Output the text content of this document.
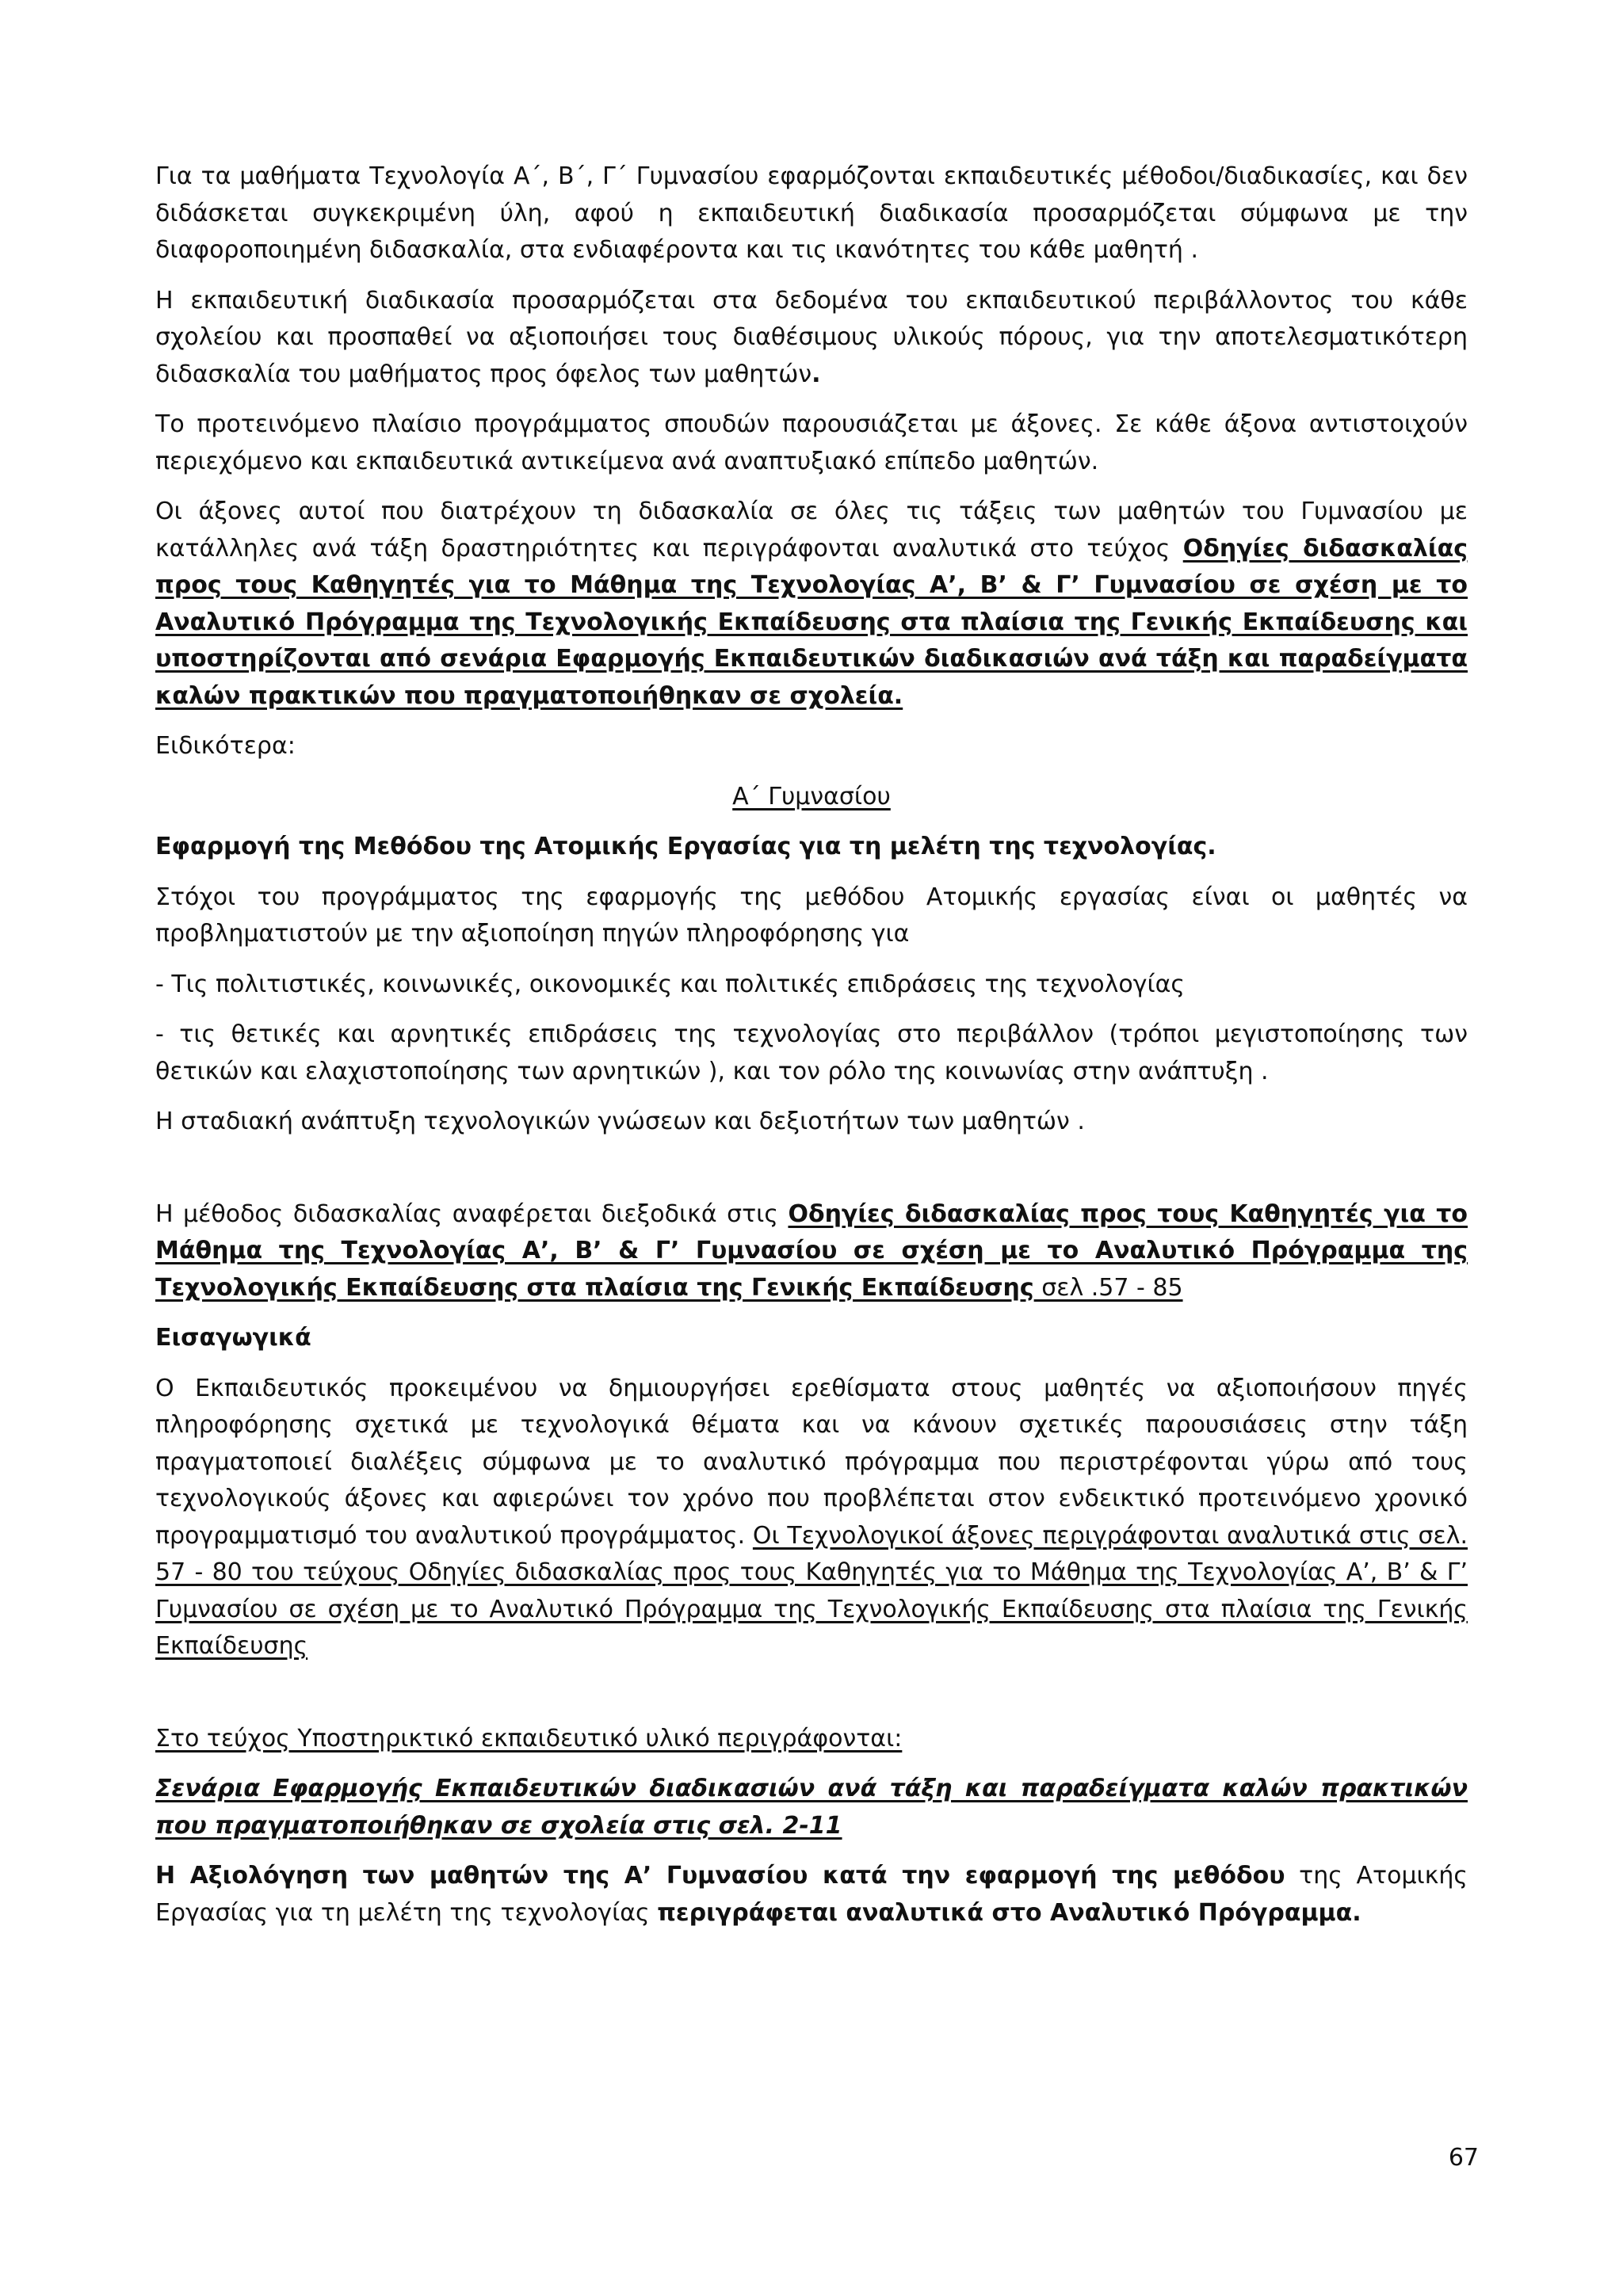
Για τα μαθήματα Τεχνολογία Α΄, Β΄, Γ΄ Γυμνασίου εφαρμόζονται εκπαιδευτικές μέθοδοι/διαδικασίες, και δεν διδάσκεται συγκεκριμένη ύλη, αφού η εκπαιδευτική διαδικασία προσαρμόζεται σύμφωνα με την διαφοροποιημένη διδασκαλία, στα ενδιαφέροντα και τις ικανότητες του κάθε μαθητή .

Η εκπαιδευτική διαδικασία προσαρμόζεται στα δεδομένα του εκπαιδευτικού περιβάλλοντος του κάθε σχολείου και προσπαθεί να αξιοποιήσει τους διαθέσιμους υλικούς πόρους, για την αποτελεσματικότερη διδασκαλία του μαθήματος προς όφελος των μαθητών.

Το προτεινόμενο πλαίσιο προγράμματος σπουδών παρουσιάζεται με άξονες. Σε κάθε άξονα αντιστοιχούν περιεχόμενο και εκπαιδευτικά αντικείμενα ανά αναπτυξιακό επίπεδο μαθητών.

Οι άξονες αυτοί που διατρέχουν τη διδασκαλία σε όλες τις τάξεις των μαθητών του Γυμνασίου με κατάλληλες ανά τάξη δραστηριότητες και περιγράφονται αναλυτικά στο τεύχος Οδηγίες διδασκαλίας προς τους Καθηγητές για το Μάθημα της Τεχνολογίας Α’, Β’ & Γ’ Γυμνασίου σε σχέση με το Αναλυτικό Πρόγραμμα της Τεχνολογικής Εκπαίδευσης στα πλαίσια της Γενικής Εκπαίδευσης και υποστηρίζονται από σενάρια Εφαρμογής Εκπαιδευτικών διαδικασιών ανά τάξη και παραδείγματα καλών πρακτικών που πραγματοποιήθηκαν σε σχολεία.

Ειδικότερα:

Α΄ Γυμνασίου

Εφαρμογή της Μεθόδου της Ατομικής Εργασίας για τη μελέτη της τεχνολογίας.

Στόχοι του προγράμματος της εφαρμογής της μεθόδου Ατομικής εργασίας είναι οι μαθητές να προβληματιστούν με την αξιοποίηση πηγών πληροφόρησης για

- Τις πολιτιστικές, κοινωνικές, οικονομικές και πολιτικές επιδράσεις της τεχνολογίας

- τις θετικές και αρνητικές επιδράσεις της τεχνολογίας στο περιβάλλον (τρόποι μεγιστοποίησης των θετικών και ελαχιστοποίησης των αρνητικών ), και τον ρόλο της κοινωνίας στην ανάπτυξη .

Η σταδιακή ανάπτυξη τεχνολογικών γνώσεων και δεξιοτήτων των μαθητών .

Η μέθοδος διδασκαλίας αναφέρεται διεξοδικά στις Οδηγίες διδασκαλίας προς τους Καθηγητές για το Μάθημα της Τεχνολογίας Α’, Β’ & Γ’ Γυμνασίου σε σχέση με το Αναλυτικό Πρόγραμμα της Τεχνολογικής Εκπαίδευσης στα πλαίσια της Γενικής Εκπαίδευσης σελ .57 - 85

Εισαγωγικά

Ο Εκπαιδευτικός προκειμένου να δημιουργήσει ερεθίσματα στους μαθητές να αξιοποιήσουν πηγές πληροφόρησης σχετικά με τεχνολογικά θέματα και να κάνουν σχετικές παρουσιάσεις στην τάξη πραγματοποιεί διαλέξεις σύμφωνα με το αναλυτικό πρόγραμμα που περιστρέφονται γύρω από τους τεχνολογικούς άξονες και αφιερώνει τον χρόνο που προβλέπεται στον ενδεικτικό προτεινόμενο χρονικό προγραμματισμό του αναλυτικού προγράμματος. Οι Τεχνολογικοί άξονες περιγράφονται αναλυτικά στις σελ. 57 - 80 του τεύχους Οδηγίες διδασκαλίας προς τους Καθηγητές για το Μάθημα της Τεχνολογίας Α’, Β’ & Γ’ Γυμνασίου σε σχέση με το Αναλυτικό Πρόγραμμα της Τεχνολογικής Εκπαίδευσης στα πλαίσια της Γενικής Εκπαίδευσης

Στο τεύχος Υποστηρικτικό εκπαιδευτικό υλικό περιγράφονται:

Σενάρια Εφαρμογής Εκπαιδευτικών διαδικασιών ανά τάξη και παραδείγματα καλών πρακτικών που πραγματοποιήθηκαν σε σχολεία στις σελ. 2-11

Η Αξιολόγηση των μαθητών της Α’ Γυμνασίου κατά την εφαρμογή της μεθόδου της Ατομικής Εργασίας για τη μελέτη της τεχνολογίας περιγράφεται αναλυτικά στο Αναλυτικό Πρόγραμμα.

67
